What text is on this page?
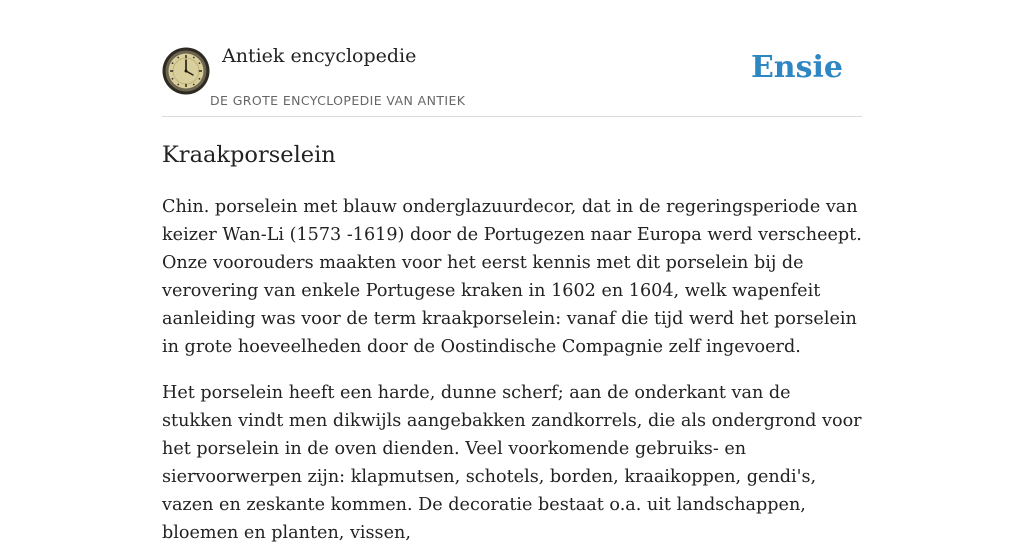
Antiek encyclopedie
DE GROTE ENCYCLOPEDIE VAN ANTIEK
Ensie
Kraakporselein

Chin. porselein met blauw onderglazuurdecor, dat in de regeringsperiode van keizer Wan-Li (1573 -1619) door de Portugezen naar Europa werd verscheept. Onze voorouders maakten voor het eerst kennis met dit porselein bij de verovering van enkele Portugese kraken in 1602 en 1604, welk wapenfeit aanleiding was voor de term kraakporselein: vanaf die tijd werd het porselein in grote hoeveelheden door de Oostindische Compagnie zelf ingevoerd.

Het porselein heeft een harde, dunne scherf; aan de onderkant van de stukken vindt men dikwijls aangebakken zandkorrels, die als ondergrond voor het porselein in de oven dienden. Veel voorkomende gebruiks- en siervoorwerpen zijn: klapmutsen, schotels, borden, kraaikoppen, gendi's, vazen en zeskante kommen. De decoratie bestaat o.a. uit landschappen, bloemen en planten, vissen,
